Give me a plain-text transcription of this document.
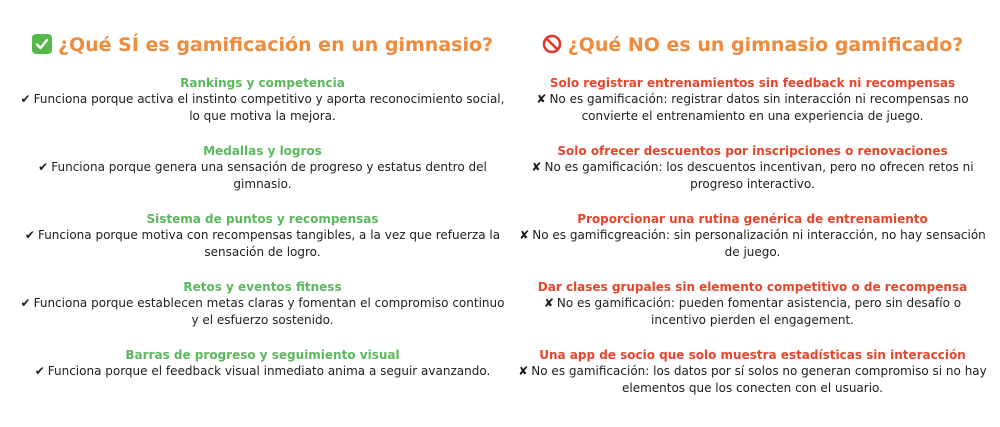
¿Qué SÍ es gamificación en un gimnasio?
Rankings y competencia
✔ Funciona porque activa el instinto competitivo y aporta reconocimiento social, lo que motiva la mejora.
Medallas y logros
✔ Funciona porque genera una sensación de progreso y estatus dentro del gimnasio.
Sistema de puntos y recompensas
✔ Funciona porque motiva con recompensas tangibles, a la vez que refuerza la sensación de logro.
Retos y eventos fitness
✔ Funciona porque establecen metas claras y fomentan el compromiso continuo y el esfuerzo sostenido.
Barras de progreso y seguimiento visual
✔ Funciona porque el feedback visual inmediato anima a seguir avanzando.
¿Qué NO es un gimnasio gamificado?
Solo registrar entrenamientos sin feedback ni recompensas
✘ No es gamificación: registrar datos sin interacción ni recompensas no convierte el entrenamiento en una experiencia de juego.
Solo ofrecer descuentos por inscripciones o renovaciones
✘ No es gamificación: los descuentos incentivan, pero no ofrecen retos ni progreso interactivo.
Proporcionar una rutina genérica de entrenamiento
✘ No es gamificgreación: sin personalización ni interacción, no hay sensación de juego.
Dar clases grupales sin elemento competitivo o de recompensa
✘ No es gamificación: pueden fomentar asistencia, pero sin desafío o incentivo pierden el engagement.
Una app de socio que solo muestra estadísticas sin interacción
✘ No es gamificación: los datos por sí solos no generan compromiso si no hay elementos que los conecten con el usuario.
